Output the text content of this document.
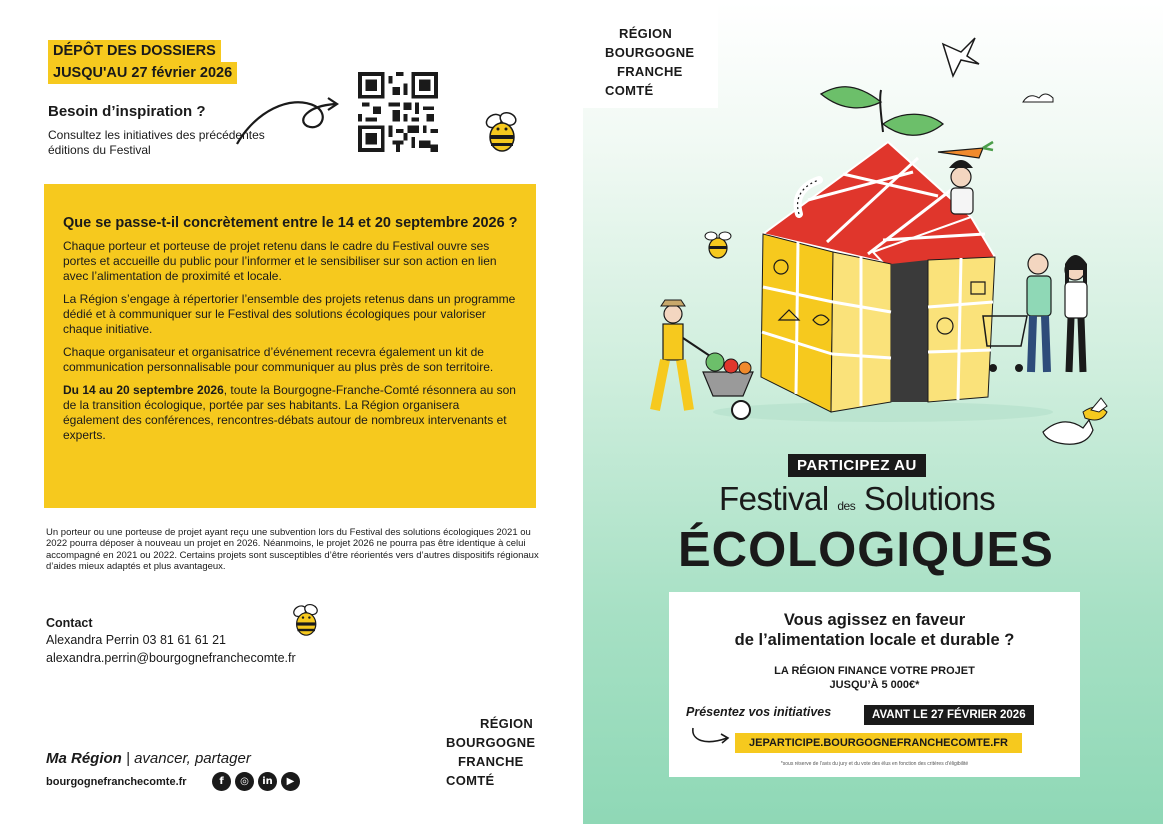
DÉPÔT DES DOSSIERS
JUSQU'AU 27 février 2026
Besoin d’inspiration ?
Consultez les initiatives des précédentes éditions du Festival
Que se passe-t-il concrètement entre le 14 et 20 septembre 2026 ?

Chaque porteur et porteuse de projet retenu dans le cadre du Festival ouvre ses portes et accueille du public pour l’informer et le sensibiliser sur son action en lien avec l’alimentation de proximité et locale.

La Région s’engage à répertorier l’ensemble des projets retenus dans un programme dédié et à communiquer sur le Festival des solutions écologiques pour valoriser chaque initiative.

Chaque organisateur et organisatrice d’événement recevra également un kit de communication personnalisable pour communiquer au plus près de son territoire.

Du 14 au 20 septembre 2026, toute la Bourgogne-Franche-Comté résonnera au son de la transition écologique, portée par ses habitants. La Région organisera également des conférences, rencontres-débats autour de nombreux intervenants et experts.

Un porteur ou une porteuse de projet ayant reçu une subvention lors du Festival des solutions écologiques 2021 ou 2022 pourra déposer à nouveau un projet en 2026. Néanmoins, le projet 2026 ne pourra pas être identique à celui accompagné en 2021 ou 2022. Certains projets sont susceptibles d’être réorientés vers d’autres dispositifs régionaux d’aides mieux adaptés et plus avantageux.
Contact
Alexandra Perrin 03 81 61 61 21
alexandra.perrin@bourgognefranchecomte.fr
RÉGION
BOURGOGNE
FRANCHE
COMTÉ
Ma Région | avancer, partager
bourgognefranchecomte.fr	f	◎	in	▶
RÉGION
BOURGOGNE
FRANCHE
COMTÉ
PARTICIPEZ AU
Festival des Solutions
ÉCOLOGIQUES
Vous agissez en faveur
de l’alimentation locale et durable ?
LA RÉGION FINANCE VOTRE PROJET
JUSQU’À 5 000€*
Présentez vos initiatives	AVANT LE 27 FÉVRIER 2026
JEPARTICIPE.BOURGOGNEFRANCHECOMTE.FR
*sous réserve de l’avis du jury et du vote des élus en fonction des critères d’éligibilité
